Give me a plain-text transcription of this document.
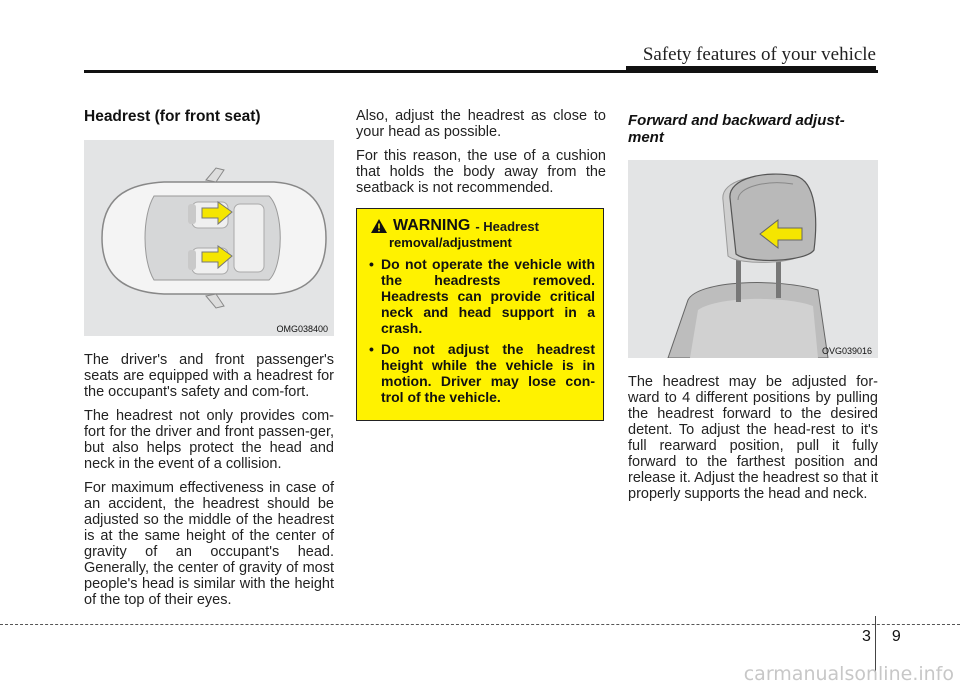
Safety features of your vehicle
Headrest (for front seat)
OMG038400

The driver's and front passenger's seats are equipped with a headrest for the occupant's safety and com-fort.

The headrest not only provides com-fort for the driver and front passen-ger, but also helps protect the head and neck in the event of a collision.

For maximum effectiveness in case of an accident, the headrest should be adjusted so the middle of the headrest is at the same height of the center of gravity of an occupant's head. Generally, the center of gravity of most people's head is similar with the height of the top of their eyes.

Also, adjust the headrest as close to your head as possible.

For this reason, the use of a cushion that holds the body away from the seatback is not recommended.

WARNING - Headrest
removal/adjustment
• Do not operate the vehicle with the headrests removed. Headrests can provide critical neck and head support in a crash.
• Do not adjust the headrest height while the vehicle is in motion. Driver may lose con-trol of the vehicle.
Forward and backward adjust-ment
OVG039016

The headrest may be adjusted for-ward to 4 different positions by pulling the headrest forward to the desired detent. To adjust the head-rest to it's full rearward position, pull it fully forward to the farthest position and release it. Adjust the headrest so that it properly supports the head and neck.

3 9
carmanualsonline.info
